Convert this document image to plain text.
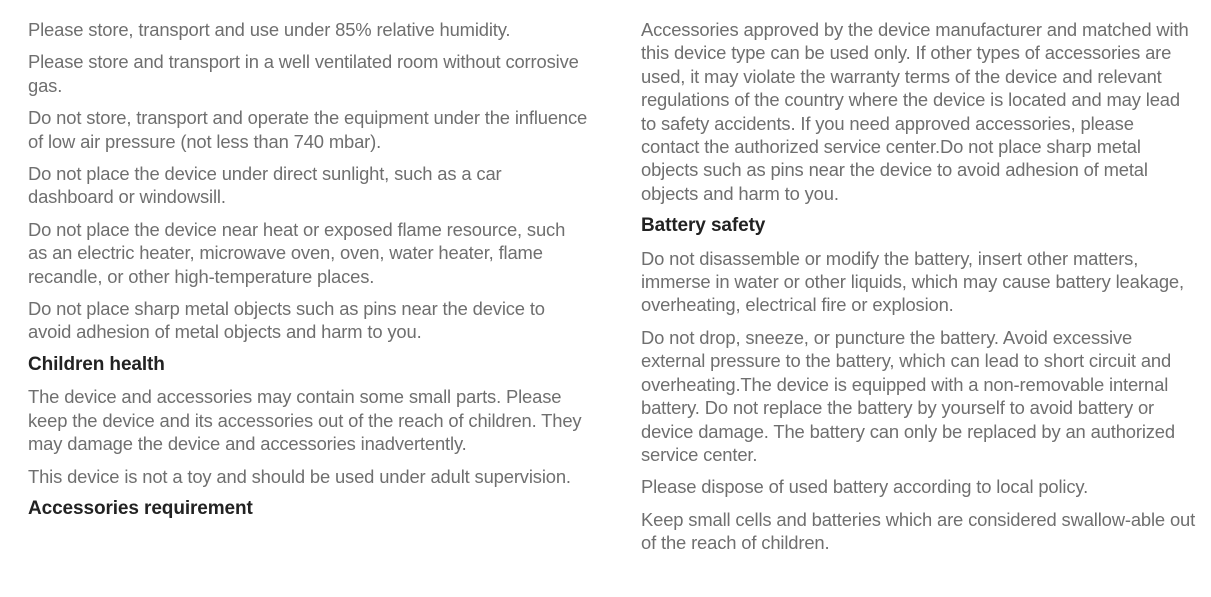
Please store, transport and use under 85% relative humidity.

Please store and transport in a well ventilated room without corrosive gas.

Do not store, transport and operate the equipment under the influence of low air pressure (not less than 740 mbar).

Do not place the device under direct sunlight, such as a car dashboard or windowsill.

Do not place the device near heat or exposed flame resource, such as an electric heater, microwave oven, oven, water heater, flame recandle, or other high-temperature places.

Do not place sharp metal objects such as pins near the device to avoid adhesion of metal objects and harm to you.

Children health

The device and accessories may contain some small parts. Please keep the device and its accessories out of the reach of children. They may damage the device and accessories inadvertently.

This device is not a toy and should be used under adult supervision.

Accessories requirement

Accessories approved by the device manufacturer and matched with this device type can be used only. If other types of accessories are used, it may violate the warranty terms of the device and relevant regulations of the country where the device is located and may lead to safety accidents. If you need approved accessories, please contact the authorized service center.Do not place sharp metal objects such as pins near the device to avoid adhesion of metal objects and harm to you.

Battery safety

Do not disassemble or modify the battery, insert other matters, immerse in water or other liquids, which may cause battery leakage, overheating, electrical fire or explosion.

Do not drop, sneeze, or puncture the battery. Avoid excessive external pressure to the battery, which can lead to short circuit and overheating.The device is equipped with a non-removable internal battery. Do not replace the battery by yourself to avoid battery or device damage. The battery can only be replaced by an authorized service center.

Please dispose of used battery according to local policy.

Keep small cells and batteries which are considered swallow-able out of the reach of children.
